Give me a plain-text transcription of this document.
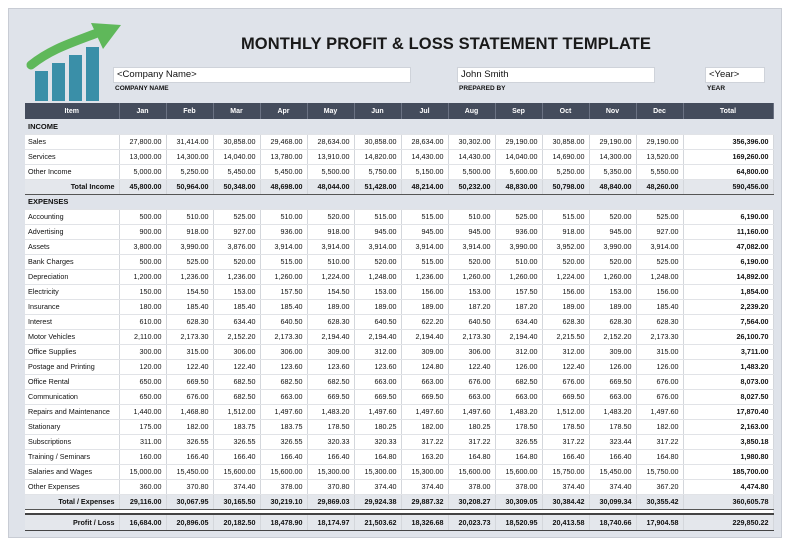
MONTHLY PROFIT & LOSS STATEMENT TEMPLATE
<Company Name>
COMPANY NAME
John Smith
PREPARED BY
<Year>
YEAR
Item	Jan	Feb	Mar	Apr	May	Jun	Jul	Aug	Sep	Oct	Nov	Dec	Total
INCOME													
Sales	27,800.00	31,414.00	30,858.00	29,468.00	28,634.00	30,858.00	28,634.00	30,302.00	29,190.00	30,858.00	29,190.00	29,190.00	356,396.00
Services	13,000.00	14,300.00	14,040.00	13,780.00	13,910.00	14,820.00	14,430.00	14,430.00	14,040.00	14,690.00	14,300.00	13,520.00	169,260.00
Other Income	5,000.00	5,250.00	5,450.00	5,450.00	5,500.00	5,750.00	5,150.00	5,500.00	5,600.00	5,250.00	5,350.00	5,550.00	64,800.00
Total Income	45,800.00	50,964.00	50,348.00	48,698.00	48,044.00	51,428.00	48,214.00	50,232.00	48,830.00	50,798.00	48,840.00	48,260.00	590,456.00
EXPENSES													
Accounting	500.00	510.00	525.00	510.00	520.00	515.00	515.00	510.00	525.00	515.00	520.00	525.00	6,190.00
Advertising	900.00	918.00	927.00	936.00	918.00	945.00	945.00	945.00	936.00	918.00	945.00	927.00	11,160.00
Assets	3,800.00	3,990.00	3,876.00	3,914.00	3,914.00	3,914.00	3,914.00	3,914.00	3,990.00	3,952.00	3,990.00	3,914.00	47,082.00
Bank Charges	500.00	525.00	520.00	515.00	510.00	520.00	515.00	520.00	510.00	520.00	520.00	525.00	6,190.00
Depreciation	1,200.00	1,236.00	1,236.00	1,260.00	1,224.00	1,248.00	1,236.00	1,260.00	1,260.00	1,224.00	1,260.00	1,248.00	14,892.00
Electricity	150.00	154.50	153.00	157.50	154.50	153.00	156.00	153.00	157.50	156.00	153.00	156.00	1,854.00
Insurance	180.00	185.40	185.40	185.40	189.00	189.00	189.00	187.20	187.20	189.00	189.00	185.40	2,239.20
Interest	610.00	628.30	634.40	640.50	628.30	640.50	622.20	640.50	634.40	628.30	628.30	628.30	7,564.00
Motor Vehicles	2,110.00	2,173.30	2,152.20	2,173.30	2,194.40	2,194.40	2,194.40	2,173.30	2,194.40	2,215.50	2,152.20	2,173.30	26,100.70
Office Supplies	300.00	315.00	306.00	306.00	309.00	312.00	309.00	306.00	312.00	312.00	309.00	315.00	3,711.00
Postage and Printing	120.00	122.40	122.40	123.60	123.60	123.60	124.80	122.40	126.00	122.40	126.00	126.00	1,483.20
Office Rental	650.00	669.50	682.50	682.50	682.50	663.00	663.00	676.00	682.50	676.00	669.50	676.00	8,073.00
Communication	650.00	676.00	682.50	663.00	669.50	669.50	669.50	663.00	663.00	669.50	663.00	676.00	8,027.50
Repairs and Maintenance	1,440.00	1,468.80	1,512.00	1,497.60	1,483.20	1,497.60	1,497.60	1,497.60	1,483.20	1,512.00	1,483.20	1,497.60	17,870.40
Stationary	175.00	182.00	183.75	183.75	178.50	180.25	182.00	180.25	178.50	178.50	178.50	182.00	2,163.00
Subscriptions	311.00	326.55	326.55	326.55	320.33	320.33	317.22	317.22	326.55	317.22	323.44	317.22	3,850.18
Training / Seminars	160.00	166.40	166.40	166.40	166.40	164.80	163.20	164.80	164.80	166.40	166.40	164.80	1,980.80
Salaries and Wages	15,000.00	15,450.00	15,600.00	15,600.00	15,300.00	15,300.00	15,300.00	15,600.00	15,600.00	15,750.00	15,450.00	15,750.00	185,700.00
Other Expenses	360.00	370.80	374.40	378.00	370.80	374.40	374.40	378.00	378.00	374.40	374.40	367.20	4,474.80
Total / Expenses	29,116.00	30,067.95	30,165.50	30,219.10	29,869.03	29,924.38	29,887.32	30,208.27	30,309.05	30,384.42	30,099.34	30,355.42	360,605.78

Profit / Loss	16,684.00	20,896.05	20,182.50	18,478.90	18,174.97	21,503.62	18,326.68	20,023.73	18,520.95	20,413.58	18,740.66	17,904.58	229,850.22
